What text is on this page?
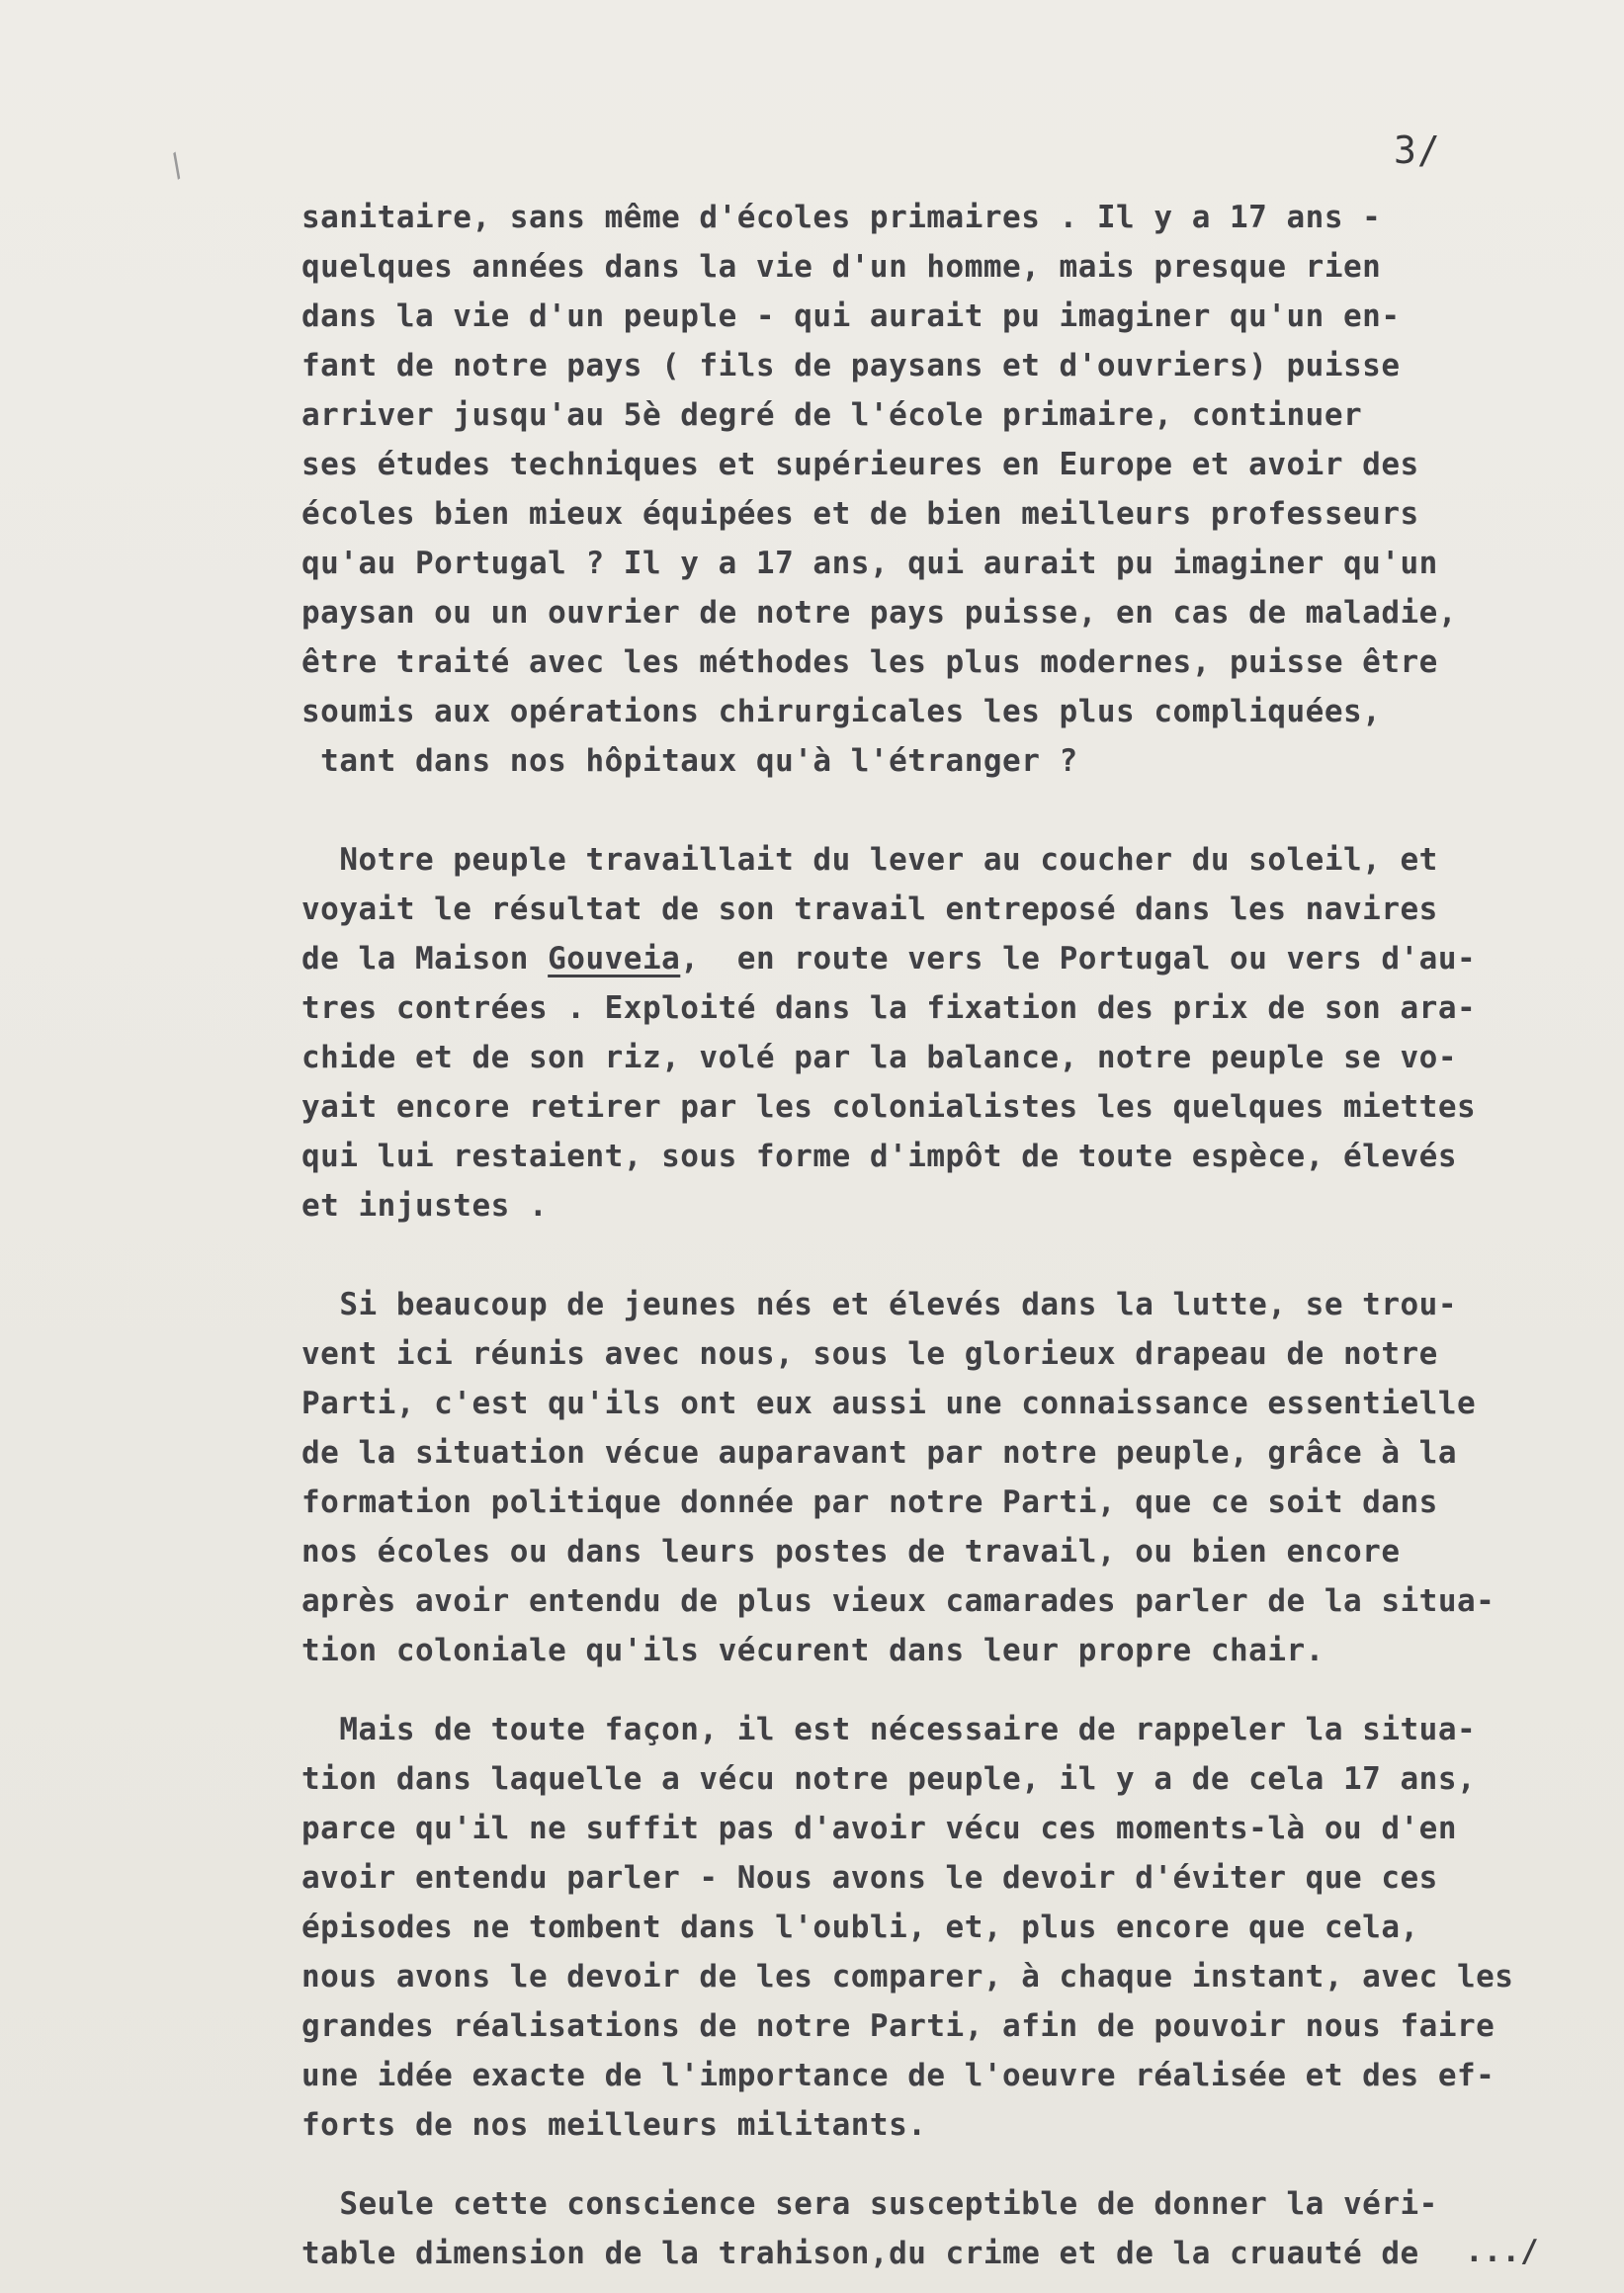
/	3/
sanitaire, sans même d'écoles primaires . Il y a 17 ans -
quelques années dans la vie d'un homme, mais presque rien
dans la vie d'un peuple - qui aurait pu imaginer qu'un en-
fant de notre pays ( fils de paysans et d'ouvriers) puisse
arriver jusqu'au 5è degré de l'école primaire, continuer
ses études techniques et supérieures en Europe et avoir des
écoles bien mieux équipées et de bien meilleurs professeurs
qu'au Portugal ? Il y a 17 ans, qui aurait pu imaginer qu'un
paysan ou un ouvrier de notre pays puisse, en cas de maladie,
être traité avec les méthodes les plus modernes, puisse être
soumis aux opérations chirurgicales les plus compliquées,
tant dans nos hôpitaux qu'à l'étranger ?
Notre peuple travaillait du lever au coucher du soleil, et
voyait le résultat de son travail entreposé dans les navires
de la Maison Gouveia,  en route vers le Portugal ou vers d'au-
tres contrées . Exploité dans la fixation des prix de son ara-
chide et de son riz, volé par la balance, notre peuple se vo-
yait encore retirer par les colonialistes les quelques miettes
qui lui restaient, sous forme d'impôt de toute espèce, élevés
et injustes .
Si beaucoup de jeunes nés et élevés dans la lutte, se trou-
vent ici réunis avec nous, sous le glorieux drapeau de notre
Parti, c'est qu'ils ont eux aussi une connaissance essentielle
de la situation vécue auparavant par notre peuple, grâce à la
formation politique donnée par notre Parti, que ce soit dans
nos écoles ou dans leurs postes de travail, ou bien encore
après avoir entendu de plus vieux camarades parler de la situa-
tion coloniale qu'ils vécurent dans leur propre chair.
Mais de toute façon, il est nécessaire de rappeler la situa-
tion dans laquelle a vécu notre peuple, il y a de cela 17 ans,
parce qu'il ne suffit pas d'avoir vécu ces moments-là ou d'en
avoir entendu parler - Nous avons le devoir d'éviter que ces
épisodes ne tombent dans l'oubli, et, plus encore que cela,
nous avons le devoir de les comparer, à chaque instant, avec les
grandes réalisations de notre Parti, afin de pouvoir nous faire
une idée exacte de l'importance de l'oeuvre réalisée et des ef-
forts de nos meilleurs militants.
Seule cette conscience sera susceptible de donner la véri-
table dimension de la trahison,du crime et de la cruauté de	.../
